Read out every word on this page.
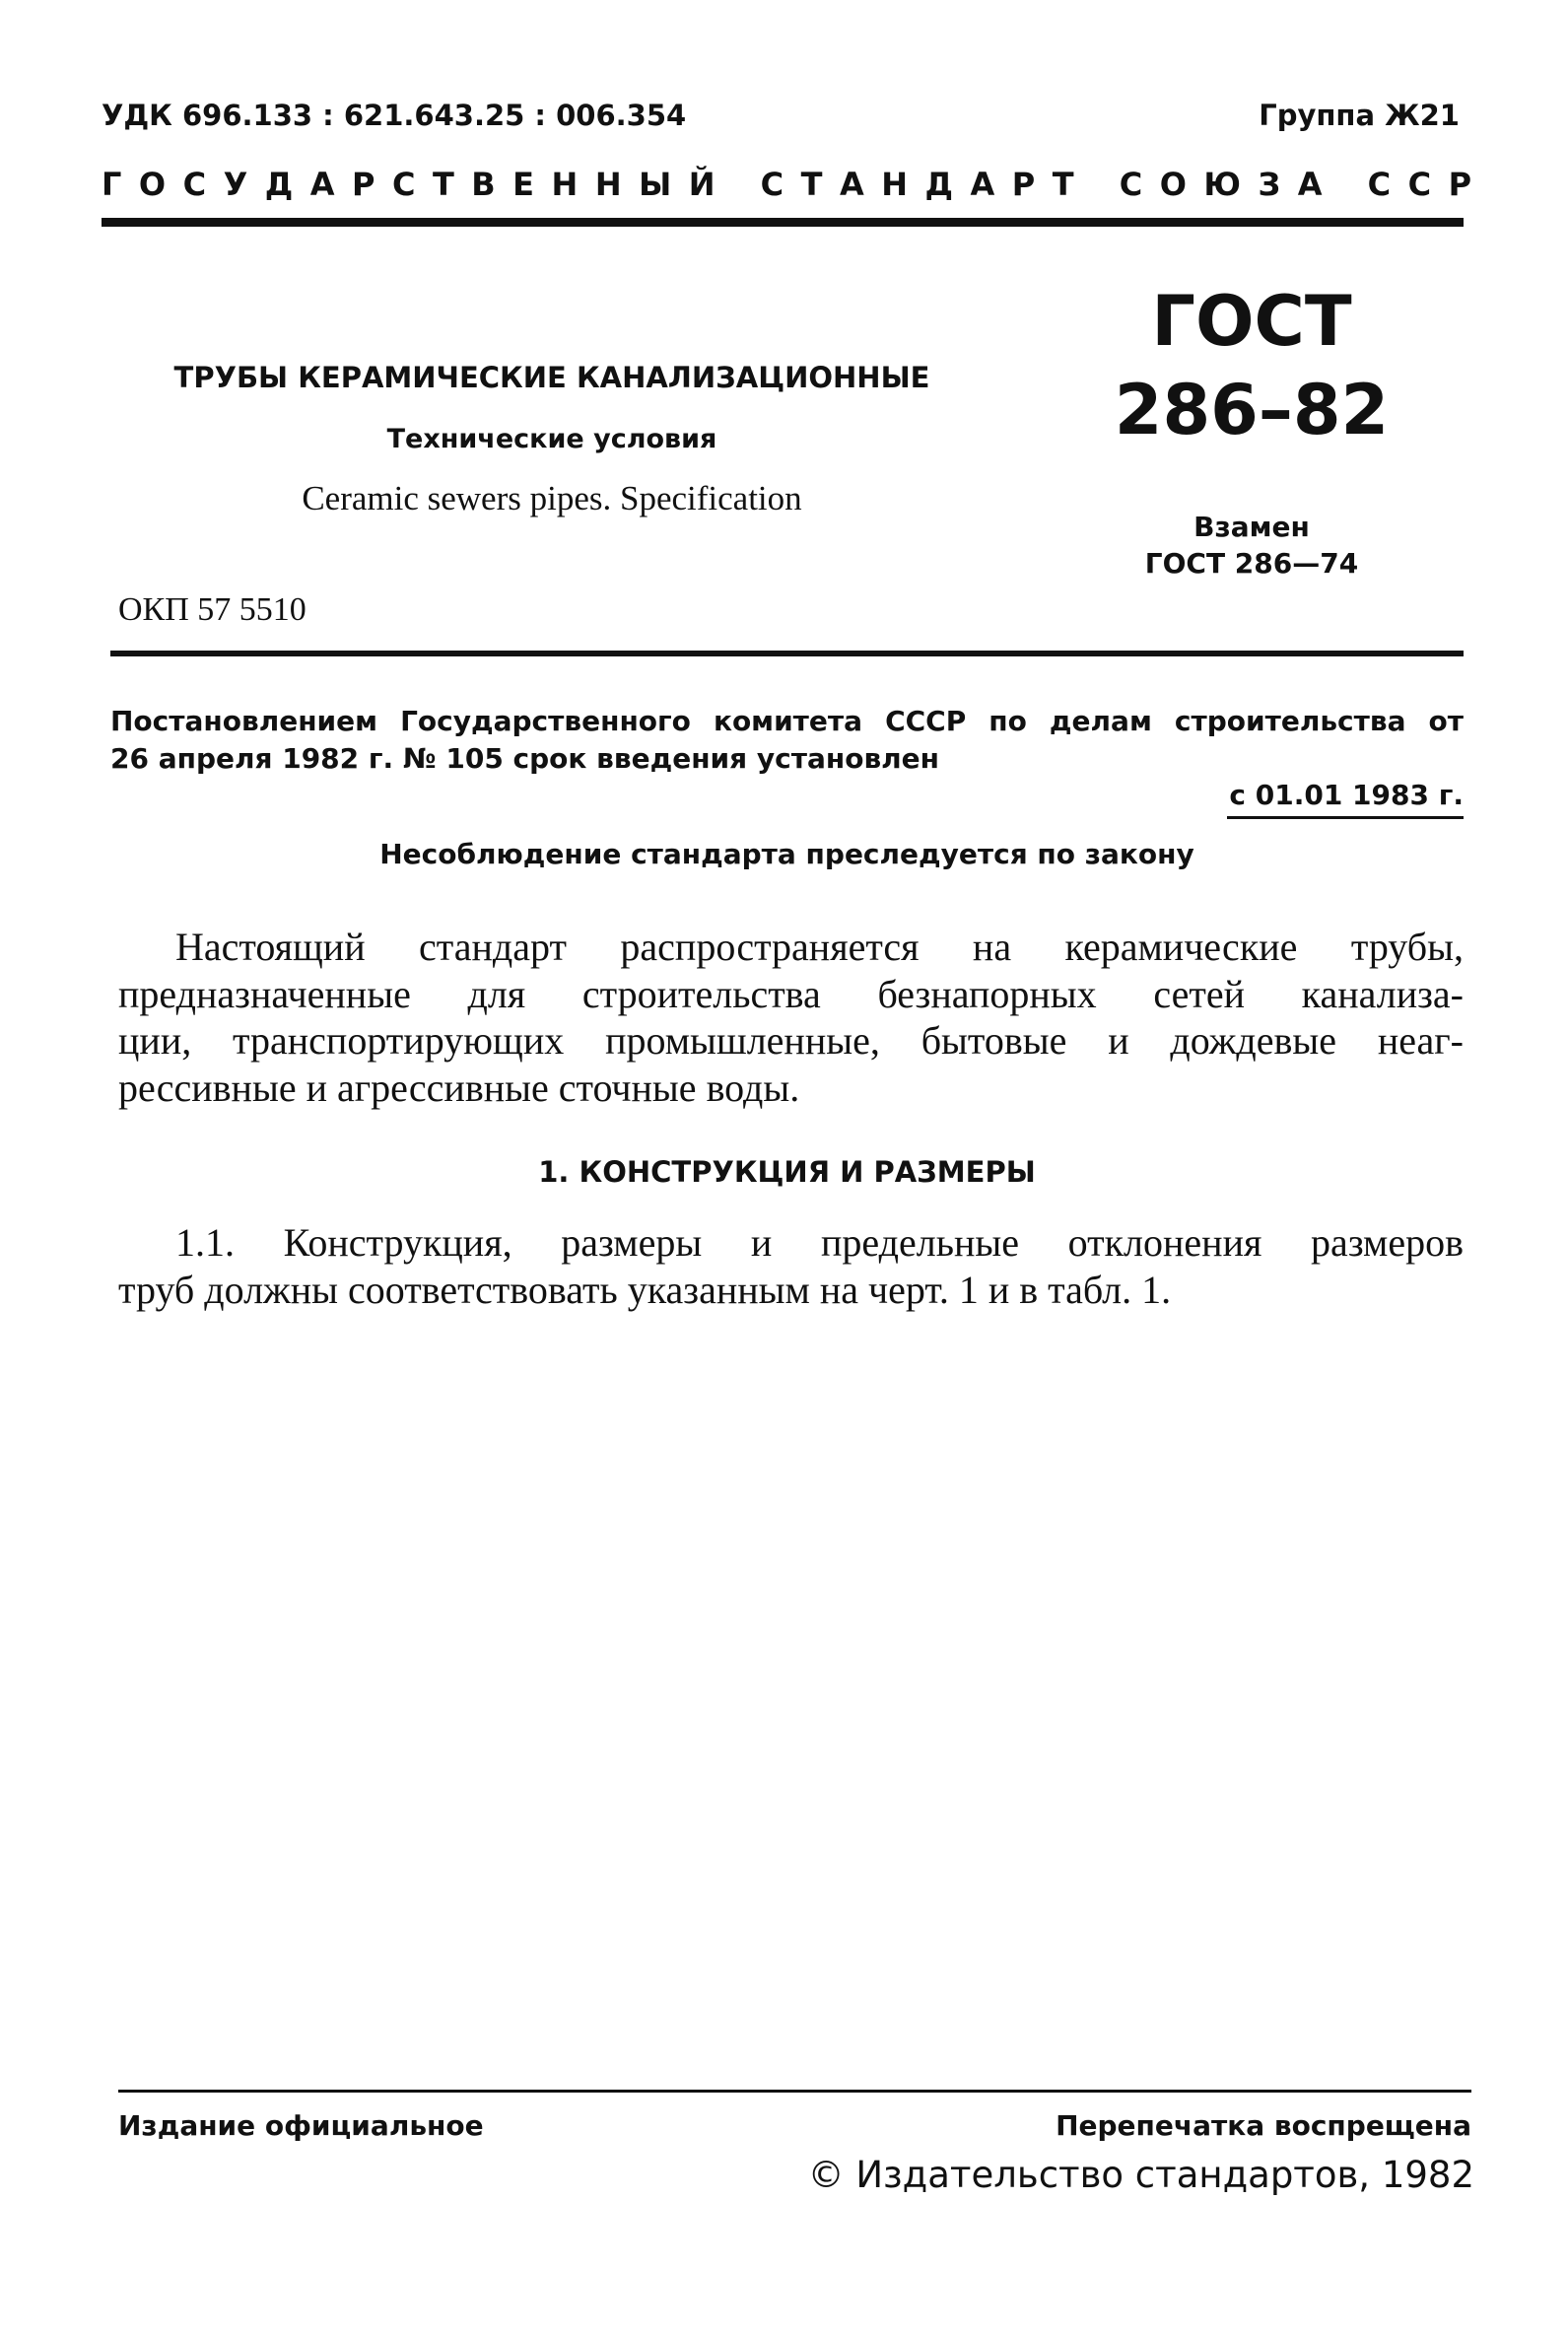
УДК 696.133 : 621.643.25 : 006.354	Группа Ж21
ГОСУДАРСТВЕННЫЙ СТАНДАРТ СОЮЗА ССР
ТРУБЫ КЕРАМИЧЕСКИЕ КАНАЛИЗАЦИОННЫЕ
Технические условия
Ceramic sewers pipes. Specification
ОКП 57 5510
ГОСТ
286–82
Взамен
ГОСТ 286—74
Постановлением Государственного комитета СССР по делам строительства от
26 апреля 1982 г. № 105 срок введения установлен
с 01.01 1983 г.
Несоблюдение стандарта преследуется по закону
Настоящий стандарт распространяется на керамические трубы,
предназначенные для строительства безнапорных сетей канализа-
ции, транспортирующих промышленные, бытовые и дождевые неаг-
рессивные и агрессивные сточные воды.
1. КОНСТРУКЦИЯ И РАЗМЕРЫ
1.1. Конструкция, размеры и предельные отклонения размеров
труб должны соответствовать указанным на черт. 1 и в табл. 1.
Издание официальное	Перепечатка воспрещена
© Издательство стандартов, 1982
